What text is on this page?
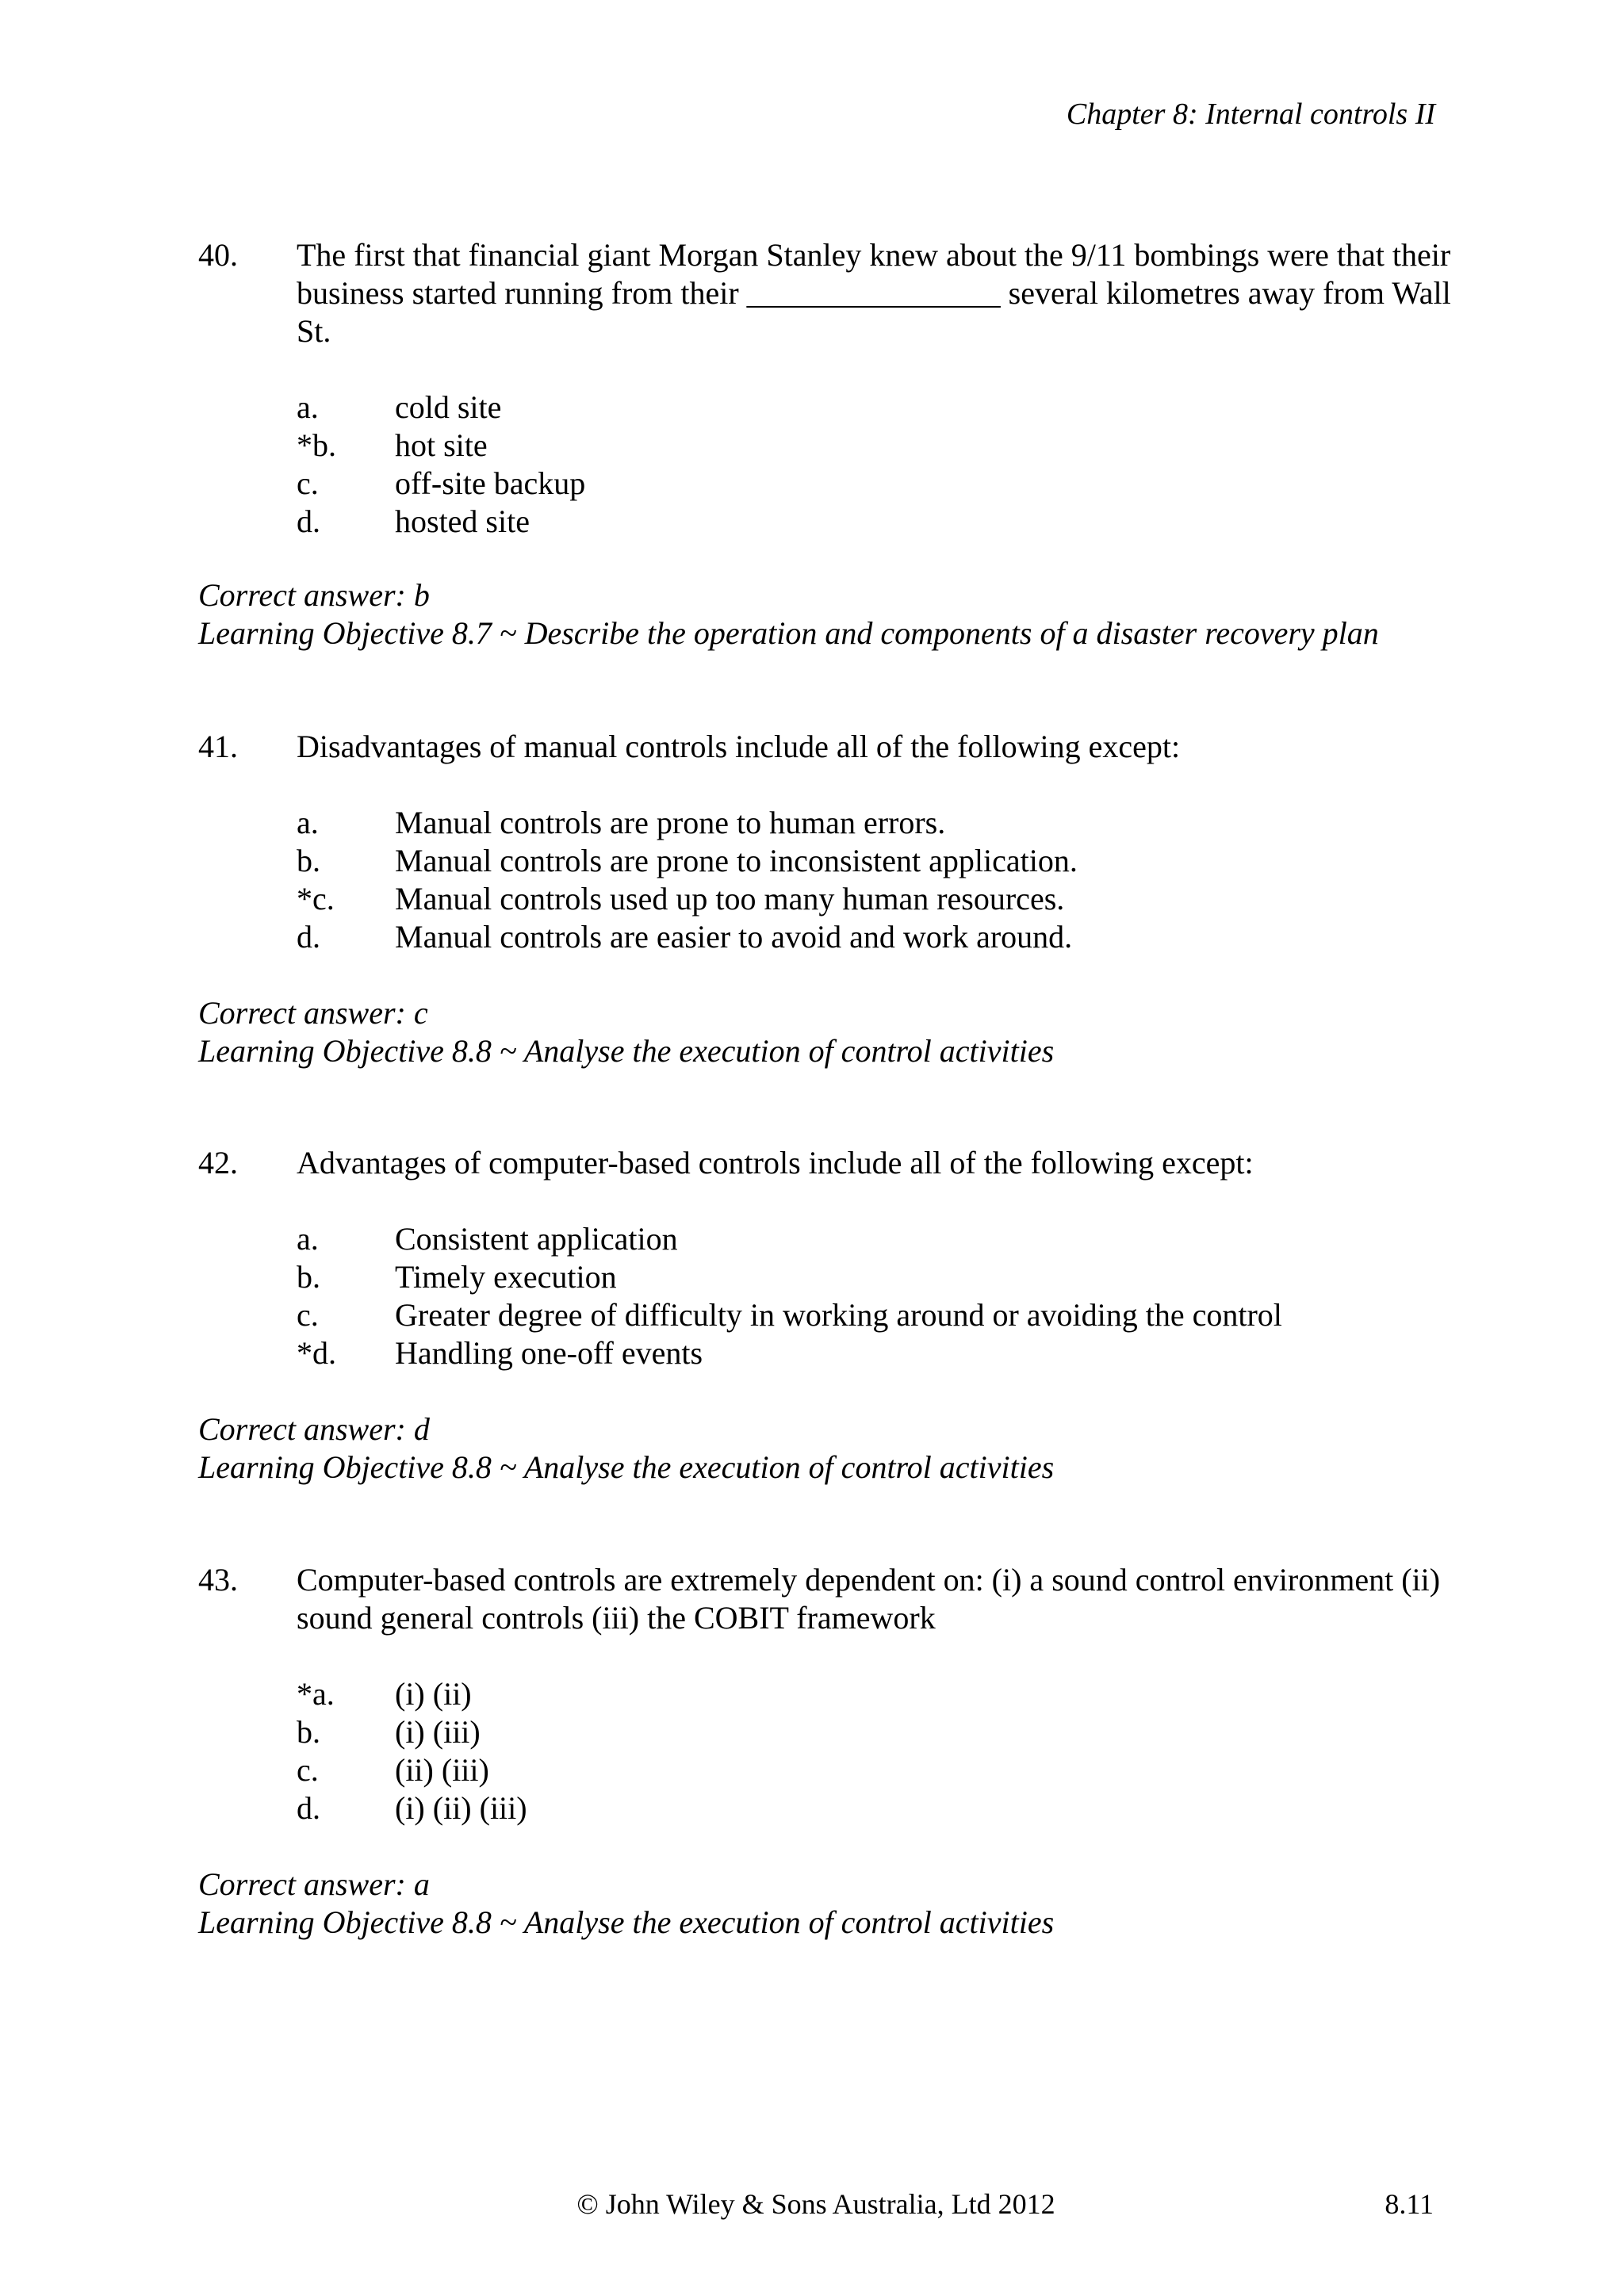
Chapter 8: Internal controls II
40.	The first that financial giant Morgan Stanley knew about the 9/11 bombings were that their business started running from their ________________ several kilometres away from Wall St.
a.	cold site
*b.	hot site
c.	off-site backup
d.	hosted site
Correct answer: b
Learning Objective 8.7 ~ Describe the operation and components of a disaster recovery plan
41.	Disadvantages of manual controls include all of the following except:
a.	Manual controls are prone to human errors.
b.	Manual controls are prone to inconsistent application.
*c.	Manual controls used up too many human resources.
d.	Manual controls are easier to avoid and work around.
Correct answer: c
Learning Objective 8.8 ~ Analyse the execution of control activities
42.	Advantages of computer-based controls include all of the following except:
a.	Consistent application
b.	Timely execution
c.	Greater degree of difficulty in working around or avoiding the control
*d.	Handling one-off events
Correct answer: d
Learning Objective 8.8 ~ Analyse the execution of control activities
43.	Computer-based controls are extremely dependent on: (i) a sound control environment (ii) sound general controls (iii) the COBIT framework
*a.	(i) (ii)
b.	(i) (iii)
c.	(ii) (iii)
d.	(i) (ii) (iii)
Correct answer: a
Learning Objective 8.8 ~ Analyse the execution of control activities
© John Wiley & Sons Australia, Ltd 2012	8.11
